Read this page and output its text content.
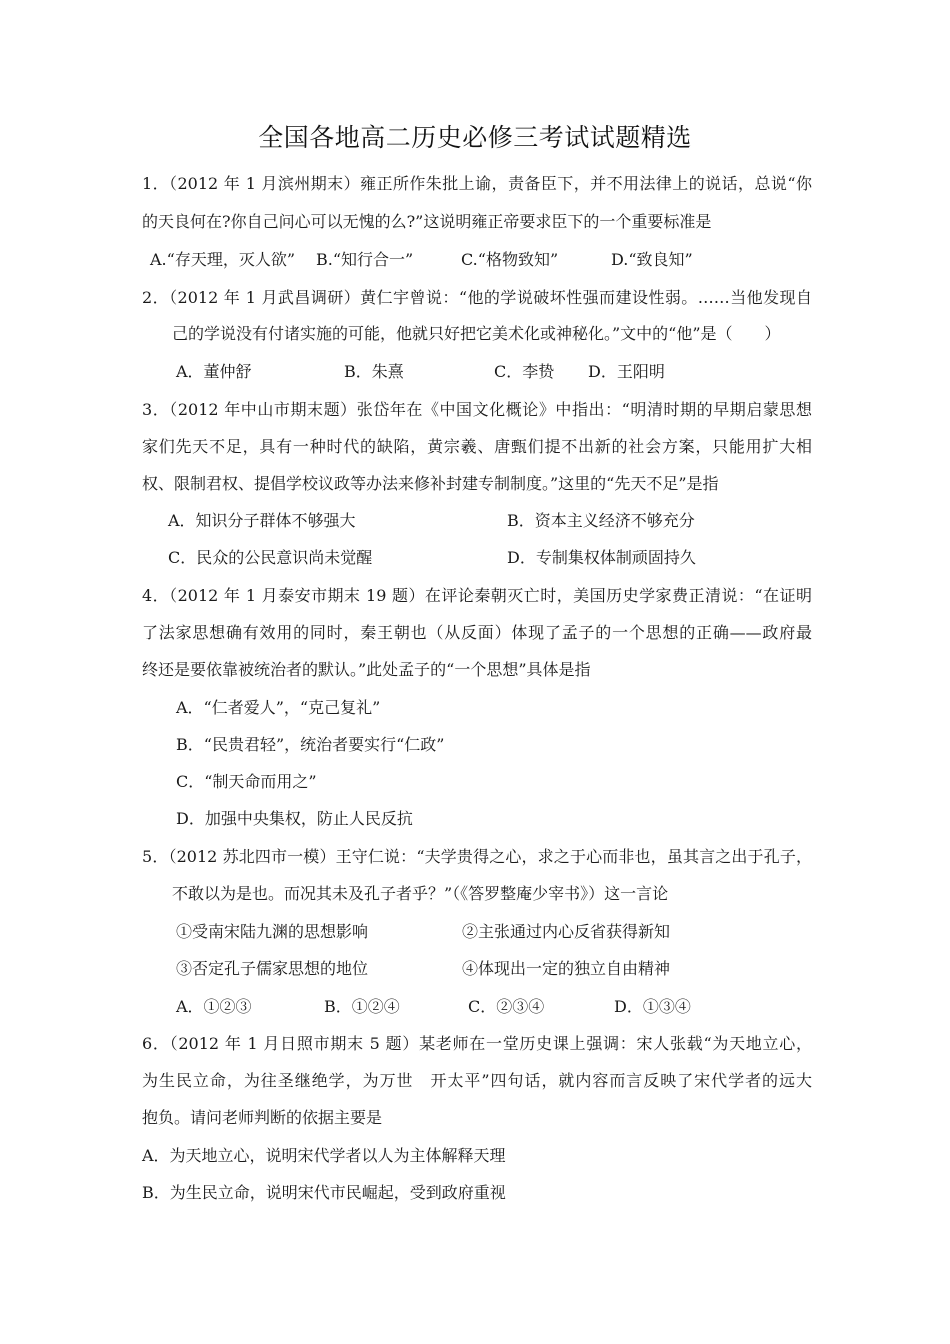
全国各地高二历史必修三考试试题精选
1．（2012 年 1 月滨州期末）雍正所作朱批上谕，责备臣下，并不用法律上的说话，总说“你
的天良何在?你自己问心可以无愧的么?”这说明雍正帝要求臣下的一个重要标准是
A.“存天理，灭人欲” B.“知行合一”	C.“格物致知”	D.“致良知”
2．（2012 年 1 月武昌调研）黄仁宇曾说：“他的学说破坏性强而建设性弱。……当他发现自
己的学说没有付诸实施的可能，他就只好把它美术化或神秘化。”文中的“他”是（　　）
A．董仲舒	B．朱熹	C．李贽 D．王阳明
3．（2012 年中山市期末题）张岱年在《中国文化概论》中指出：“明清时期的早期启蒙思想
家们先天不足，具有一种时代的缺陷，黄宗羲、唐甄们提不出新的社会方案，只能用扩大相
权、限制君权、提倡学校议政等办法来修补封建专制制度。”这里的“先天不足”是指
A．知识分子群体不够强大	B．资本主义经济不够充分
C．民众的公民意识尚未觉醒	D．专制集权体制顽固持久
4．（2012 年 1 月泰安市期末 19 题）在评论秦朝灭亡时，美国历史学家费正清说：“在证明
了法家思想确有效用的同时，秦王朝也（从反面）体现了孟子的一个思想的正确——政府最
终还是要依靠被统治者的默认。”此处孟子的“一个思想”具体是指
A．“仁者爱人”，“克己复礼”
B．“民贵君轻”，统治者要实行“仁政”
C．“制天命而用之”
D．加强中央集权，防止人民反抗
5．（2012 苏北四市一模）王守仁说：“夫学贵得之心，求之于心而非也，虽其言之出于孔子，
不敢以为是也。而况其未及孔子者乎？”（《答罗整庵少宰书》）这一言论
①受南宋陆九渊的思想影响	②主张通过内心反省获得新知
③否定孔子儒家思想的地位	④体现出一定的独立自由精神
A．①②③	B．①②④	C．②③④	D．①③④
6．（2012 年 1 月日照市期末 5 题）某老师在一堂历史课上强调：宋人张载“为天地立心，
为生民立命，为往圣继绝学，为万世　开太平”四句话，就内容而言反映了宋代学者的远大
抱负。请问老师判断的依据主要是
A．为天地立心，说明宋代学者以人为主体解释天理
B．为生民立命，说明宋代市民崛起，受到政府重视
